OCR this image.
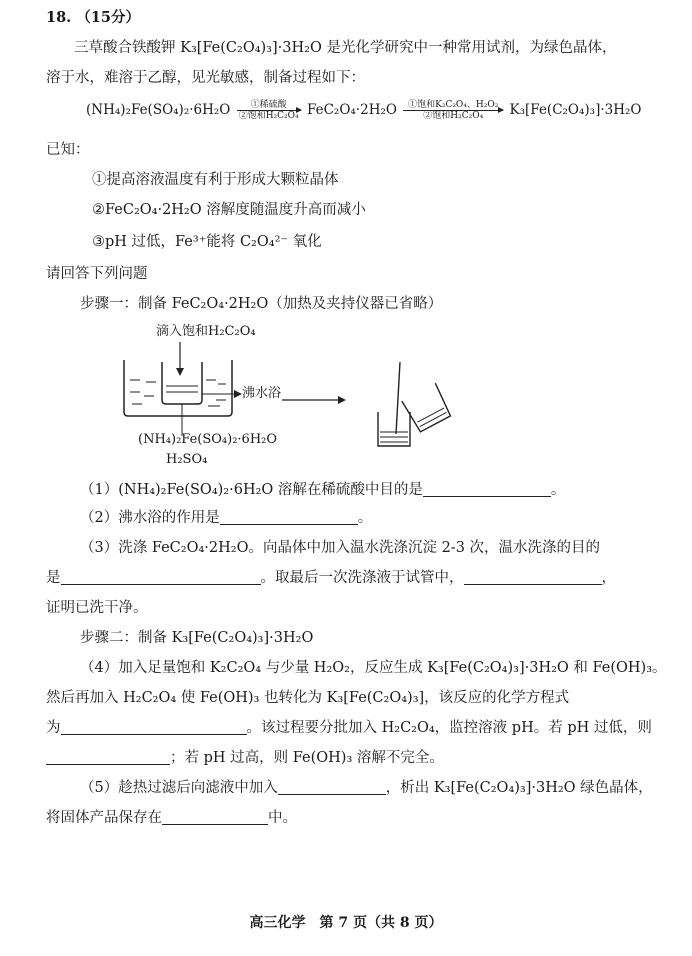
18. （15分）
三草酸合铁酸钾 K₃[Fe(C₂O₄)₃]·3H₂O 是光化学研究中一种常用试剂，为绿色晶体，
溶于水，难溶于乙醇，见光敏感，制备过程如下：
(NH₄)₂Fe(SO₄)₂·6H₂O	①稀硫酸
②饱和H₂C₂O₄ FeC₂O₄·2H₂O	①饱和K₂C₂O₄、H₂O₂
②饱和H₂C₂O₄	K₃[Fe(C₂O₄)₃]·3H₂O
已知：
①提高溶液温度有利于形成大颗粒晶体
②FeC₂O₄·2H₂O 溶解度随温度升高而减小
③pH 过低，Fe³⁺能将 C₂O₄²⁻ 氧化
请回答下列问题
步骤一：制备 FeC₂O₄·2H₂O（加热及夹持仪器已省略）
滴入饱和H₂C₂O₄
沸水浴
(NH₄)₂Fe(SO₄)₂·6H₂O
H₂SO₄
（1）(NH₄)₂Fe(SO₄)₂·6H₂O 溶解在稀硫酸中目的是	。
（2）沸水浴的作用是	。
（3）洗涤 FeC₂O₄·2H₂O。向晶体中加入温水洗涤沉淀 2-3 次，温水洗涤的目的
是	。取最后一次洗涤液于试管中，	，
证明已洗干净。
步骤二：制备 K₃[Fe(C₂O₄)₃]·3H₂O
（4）加入足量饱和 K₂C₂O₄ 与少量 H₂O₂，反应生成 K₃[Fe(C₂O₄)₃]·3H₂O 和 Fe(OH)₃。
然后再加入 H₂C₂O₄ 使 Fe(OH)₃ 也转化为 K₃[Fe(C₂O₄)₃]，该反应的化学方程式
为	。该过程要分批加入 H₂C₂O₄，监控溶液 pH。若 pH 过低，则
；若 pH 过高，则 Fe(OH)₃ 溶解不完全。
（5）趁热过滤后向滤液中加入	，析出 K₃[Fe(C₂O₄)₃]·3H₂O 绿色晶体，
将固体产品保存在	中。
高三化学　第 7 页（共 8 页）
